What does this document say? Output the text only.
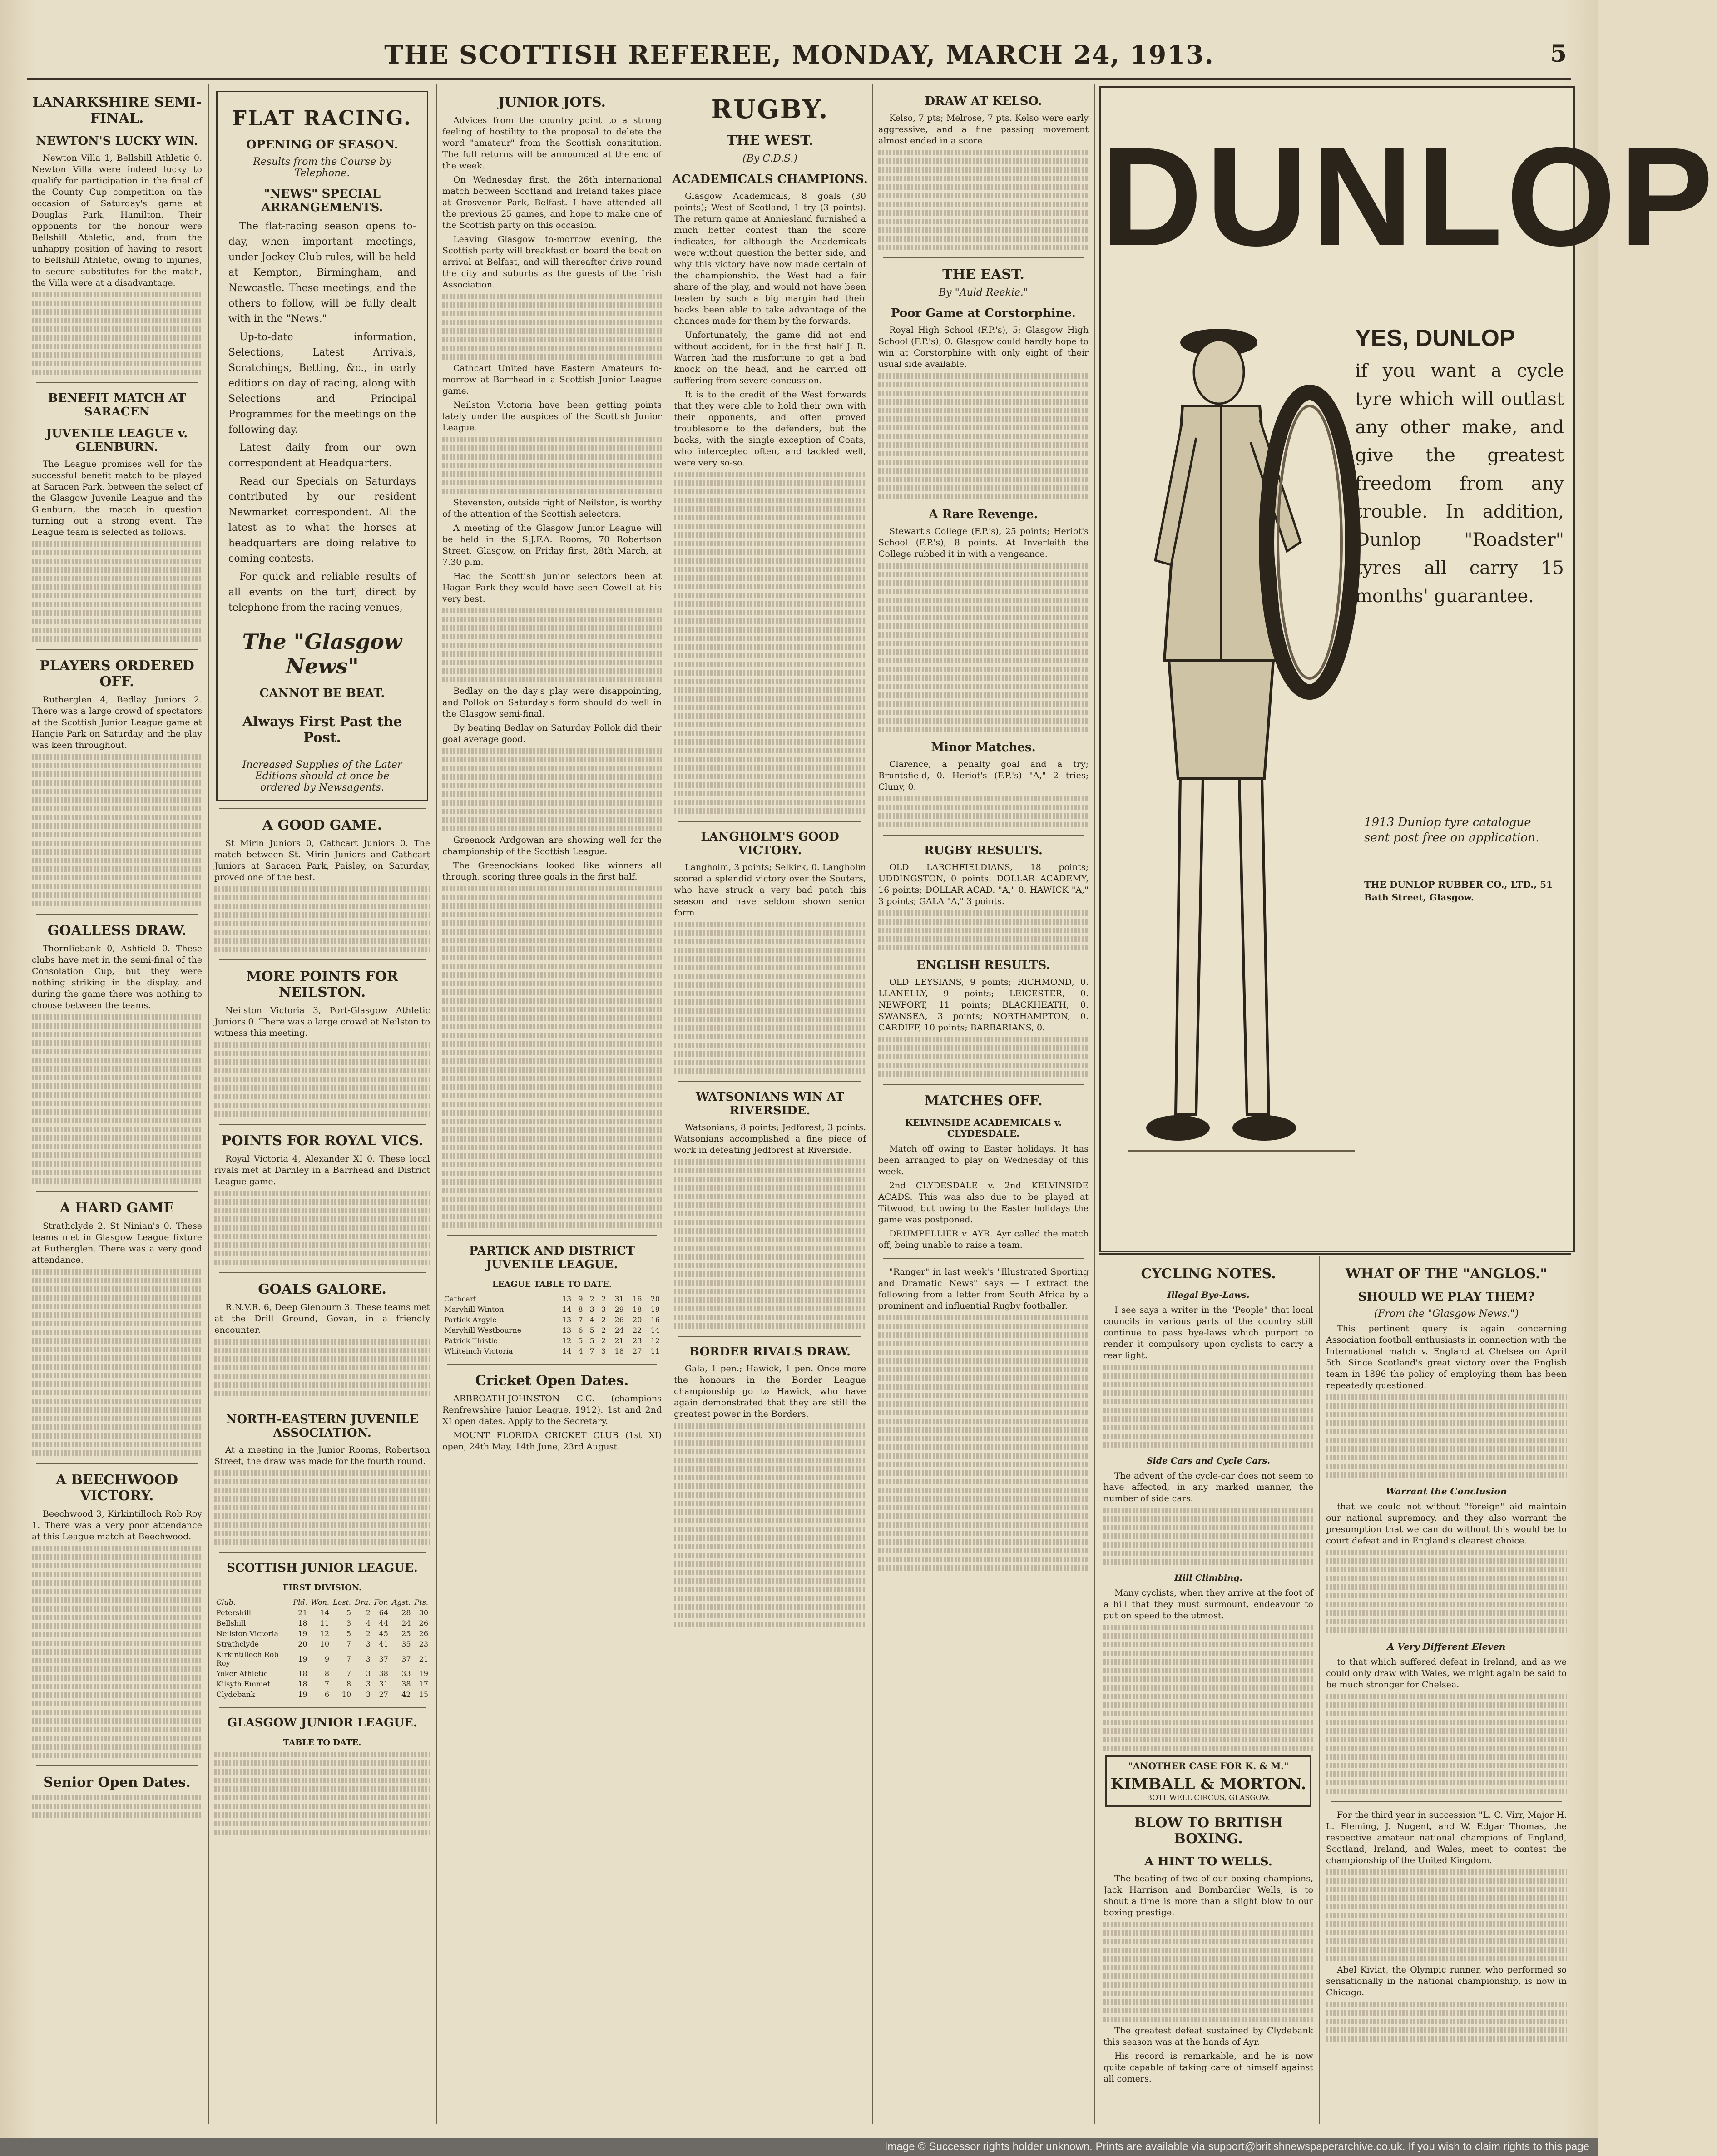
THE SCOTTISH REFEREE, MONDAY, MARCH 24, 1913.	5
LANARKSHIRE SEMI-FINAL.
NEWTON'S LUCKY WIN.

Newton Villa 1, Bellshill Athletic 0. Newton Villa were indeed lucky to qualify for participation in the final of the County Cup competition on the occasion of Saturday's game at Douglas Park, Hamilton. Their opponents for the honour were Bellshill Athletic, and, from the unhappy position of having to resort to Bellshill Athletic, owing to injuries, to secure substitutes for the match, the Villa were at a disadvantage.

BENEFIT MATCH AT SARACEN
JUVENILE LEAGUE v. GLENBURN.

The League promises well for the successful benefit match to be played at Saracen Park, between the select of the Glasgow Juvenile League and the Glenburn, the match in question turning out a strong event. The League team is selected as follows.

PLAYERS ORDERED OFF.

Rutherglen 4, Bedlay Juniors 2. There was a large crowd of spectators at the Scottish Junior League game at Hangie Park on Saturday, and the play was keen throughout.

GOALLESS DRAW.

Thornliebank 0, Ashfield 0. These clubs have met in the semi-final of the Consolation Cup, but they were nothing striking in the display, and during the game there was nothing to choose between the teams.

A HARD GAME

Strathclyde 2, St Ninian's 0. These teams met in Glasgow League fixture at Rutherglen. There was a very good attendance.

A BEECHWOOD VICTORY.

Beechwood 3, Kirkintilloch Rob Roy 1. There was a very poor attendance at this League match at Beechwood.

Senior Open Dates.
FLAT RACING.
OPENING OF SEASON.
Results from the Course by Telephone.
"NEWS" SPECIAL ARRANGEMENTS.

The flat-racing season opens to-day, when important meetings, under Jockey Club rules, will be held at Kempton, Birmingham, and Newcastle. These meetings, and the others to follow, will be fully dealt with in the "News."

Up-to-date information, Selections, Latest Arrivals, Scratchings, Betting, &c., in early editions on day of racing, along with Selections and Principal Programmes for the meetings on the following day.

Latest daily from our own correspondent at Headquarters.

Read our Specials on Saturdays contributed by our resident Newmarket correspondent. All the latest as to what the horses at headquarters are doing relative to coming contests.

For quick and reliable results of all events on the turf, direct by telephone from the racing venues,

The "Glasgow News"
CANNOT BE BEAT.
Always First Past the Post.
Increased Supplies of the Later Editions should at once be ordered by Newsagents.
A GOOD GAME.

St Mirin Juniors 0, Cathcart Juniors 0. The match between St. Mirin Juniors and Cathcart Juniors at Saracen Park, Paisley, on Saturday, proved one of the best.

MORE POINTS FOR NEILSTON.

Neilston Victoria 3, Port-Glasgow Athletic Juniors 0. There was a large crowd at Neilston to witness this meeting.

POINTS FOR ROYAL VICS.

Royal Victoria 4, Alexander XI 0. These local rivals met at Darnley in a Barrhead and District League game.

GOALS GALORE.

R.N.V.R. 6, Deep Glenburn 3. These teams met at the Drill Ground, Govan, in a friendly encounter.

NORTH-EASTERN JUVENILE ASSOCIATION.

At a meeting in the Junior Rooms, Robertson Street, the draw was made for the fourth round.

SCOTTISH JUNIOR LEAGUE.
FIRST DIVISION.
Club.	Pld.	Won.	Lost.	Dra.	For.	Agst.	Pts.
Petershill	21	14	5	2	64	28	30
Bellshill	18	11	3	4	44	24	26
Neilston Victoria	19	12	5	2	45	25	26
Strathclyde	20	10	7	3	41	35	23
Kirkintilloch Rob Roy	19	9	7	3	37	37	21
Yoker Athletic	18	8	7	3	38	33	19
Kilsyth Emmet	18	7	8	3	31	38	17
Clydebank	19	6	10	3	27	42	15
GLASGOW JUNIOR LEAGUE.
TABLE TO DATE.
JUNIOR JOTS.

Advices from the country point to a strong feeling of hostility to the proposal to delete the word "amateur" from the Scottish constitution. The full returns will be announced at the end of the week.

On Wednesday first, the 26th international match between Scotland and Ireland takes place at Grosvenor Park, Belfast. I have attended all the previous 25 games, and hope to make one of the Scottish party on this occasion.

Leaving Glasgow to-morrow evening, the Scottish party will breakfast on board the boat on arrival at Belfast, and will thereafter drive round the city and suburbs as the guests of the Irish Association.

Cathcart United have Eastern Amateurs to-morrow at Barrhead in a Scottish Junior League game.

Neilston Victoria have been getting points lately under the auspices of the Scottish Junior League.

Stevenston, outside right of Neilston, is worthy of the attention of the Scottish selectors.

A meeting of the Glasgow Junior League will be held in the S.J.F.A. Rooms, 70 Robertson Street, Glasgow, on Friday first, 28th March, at 7.30 p.m.

Had the Scottish junior selectors been at Hagan Park they would have seen Cowell at his very best.

Bedlay on the day's play were disappointing, and Pollok on Saturday's form should do well in the Glasgow semi-final.

By beating Bedlay on Saturday Pollok did their goal average good.

Greenock Ardgowan are showing well for the championship of the Scottish League.

The Greenockians looked like winners all through, scoring three goals in the first half.

PARTICK AND DISTRICT JUVENILE LEAGUE.
LEAGUE TABLE TO DATE.
Cathcart	13	9	2	2	31	16	20
Maryhill Winton	14	8	3	3	29	18	19
Partick Argyle	13	7	4	2	26	20	16
Maryhill Westbourne	13	6	5	2	24	22	14
Patrick Thistle	12	5	5	2	21	23	12
Whiteinch Victoria	14	4	7	3	18	27	11
Cricket Open Dates.

ARBROATH-JOHNSTON C.C. (champions Renfrewshire Junior League, 1912). 1st and 2nd XI open dates. Apply to the Secretary.

MOUNT FLORIDA CRICKET CLUB (1st XI) open, 24th May, 14th June, 23rd August.

RUGBY.
THE WEST.
(By C.D.S.)
ACADEMICALS CHAMPIONS.

Glasgow Academicals, 8 goals (30 points); West of Scotland, 1 try (3 points). The return game at Anniesland furnished a much better contest than the score indicates, for although the Academicals were without question the better side, and why this victory have now made certain of the championship, the West had a fair share of the play, and would not have been beaten by such a big margin had their backs been able to take advantage of the chances made for them by the forwards.

Unfortunately, the game did not end without accident, for in the first half J. R. Warren had the misfortune to get a bad knock on the head, and he carried off suffering from severe concussion.

It is to the credit of the West forwards that they were able to hold their own with their opponents, and often proved troublesome to the defenders, but the backs, with the single exception of Coats, who intercepted often, and tackled well, were very so-so.

LANGHOLM'S GOOD VICTORY.

Langholm, 3 points; Selkirk, 0. Langholm scored a splendid victory over the Souters, who have struck a very bad patch this season and have seldom shown senior form.

WATSONIANS WIN AT RIVERSIDE.

Watsonians, 8 points; Jedforest, 3 points. Watsonians accomplished a fine piece of work in defeating Jedforest at Riverside.

BORDER RIVALS DRAW.

Gala, 1 pen.; Hawick, 1 pen. Once more the honours in the Border League championship go to Hawick, who have again demonstrated that they are still the greatest power in the Borders.

DRAW AT KELSO.

Kelso, 7 pts; Melrose, 7 pts. Kelso were early aggressive, and a fine passing movement almost ended in a score.

THE EAST.
By "Auld Reekie."
Poor Game at Corstorphine.

Royal High School (F.P.'s), 5; Glasgow High School (F.P.'s), 0. Glasgow could hardly hope to win at Corstorphine with only eight of their usual side available.

A Rare Revenge.

Stewart's College (F.P.'s), 25 points; Heriot's School (F.P.'s), 8 points. At Inverleith the College rubbed it in with a vengeance.

Minor Matches.

Clarence, a penalty goal and a try; Bruntsfield, 0. Heriot's (F.P.'s) "A," 2 tries; Cluny, 0.

RUGBY RESULTS.

OLD LARCHFIELDIANS, 18 points; UDDINGSTON, 0 points. DOLLAR ACADEMY, 16 points; DOLLAR ACAD. "A," 0. HAWICK "A," 3 points; GALA "A," 3 points.

ENGLISH RESULTS.

OLD LEYSIANS, 9 points; RICHMOND, 0. LLANELLY, 9 points; LEICESTER, 0. NEWPORT, 11 points; BLACKHEATH, 0. SWANSEA, 3 points; NORTHAMPTON, 0. CARDIFF, 10 points; BARBARIANS, 0.

MATCHES OFF.
KELVINSIDE ACADEMICALS v. CLYDESDALE.

Match off owing to Easter holidays. It has been arranged to play on Wednesday of this week.

2nd CLYDESDALE v. 2nd KELVINSIDE ACADS. This was also due to be played at Titwood, but owing to the Easter holidays the game was postponed.

DRUMPELLIER v. AYR. Ayr called the match off, being unable to raise a team.

"Ranger" in last week's "Illustrated Sporting and Dramatic News" says — I extract the following from a letter from South Africa by a prominent and influential Rugby footballer.

DUNLOP
YES, DUNLOP
if you want a cycle tyre which will outlast any other make, and give the greatest freedom from any trouble. In addition, Dunlop "Roadster" tyres all carry 15 months' guarantee.
1913 Dunlop tyre catalogue sent post free on application.
THE DUNLOP RUBBER CO., LTD., 51 Bath Street, Glasgow.
CYCLING NOTES.
Illegal Bye-Laws.

I see says a writer in the "People" that local councils in various parts of the country still continue to pass bye-laws which purport to render it compulsory upon cyclists to carry a rear light.

Side Cars and Cycle Cars.

The advent of the cycle-car does not seem to have affected, in any marked manner, the number of side cars.

Hill Climbing.

Many cyclists, when they arrive at the foot of a hill that they must surmount, endeavour to put on speed to the utmost.

"ANOTHER CASE FOR K. & M."
KIMBALL & MORTON.
BOTHWELL CIRCUS, GLASGOW.
BLOW TO BRITISH BOXING.
A HINT TO WELLS.

The beating of two of our boxing champions, Jack Harrison and Bombardier Wells, is to shout a time is more than a slight blow to our boxing prestige.

The greatest defeat sustained by Clydebank this season was at the hands of Ayr.

His record is remarkable, and he is now quite capable of taking care of himself against all comers.

WHAT OF THE "ANGLOS."
SHOULD WE PLAY THEM?
(From the "Glasgow News.")

This pertinent query is again concerning Association football enthusiasts in connection with the International match v. England at Chelsea on April 5th. Since Scotland's great victory over the English team in 1896 the policy of employing them has been repeatedly questioned.

Warrant the Conclusion

that we could not without "foreign" aid maintain our national supremacy, and they also warrant the presumption that we can do without this would be to court defeat and in England's clearest choice.

A Very Different Eleven

to that which suffered defeat in Ireland, and as we could only draw with Wales, we might again be said to be much stronger for Chelsea.

For the third year in succession "L. C. Virr, Major H. L. Fleming, J. Nugent, and W. Edgar Thomas, the respective amateur national champions of England, Scotland, Ireland, and Wales, meet to contest the championship of the United Kingdom.

Abel Kiviat, the Olympic runner, who performed so sensationally in the national championship, is now in Chicago.

Image © Successor rights holder unknown. Prints are available via support@britishnewspaperarchive.co.uk. If you wish to claim rights to this page
